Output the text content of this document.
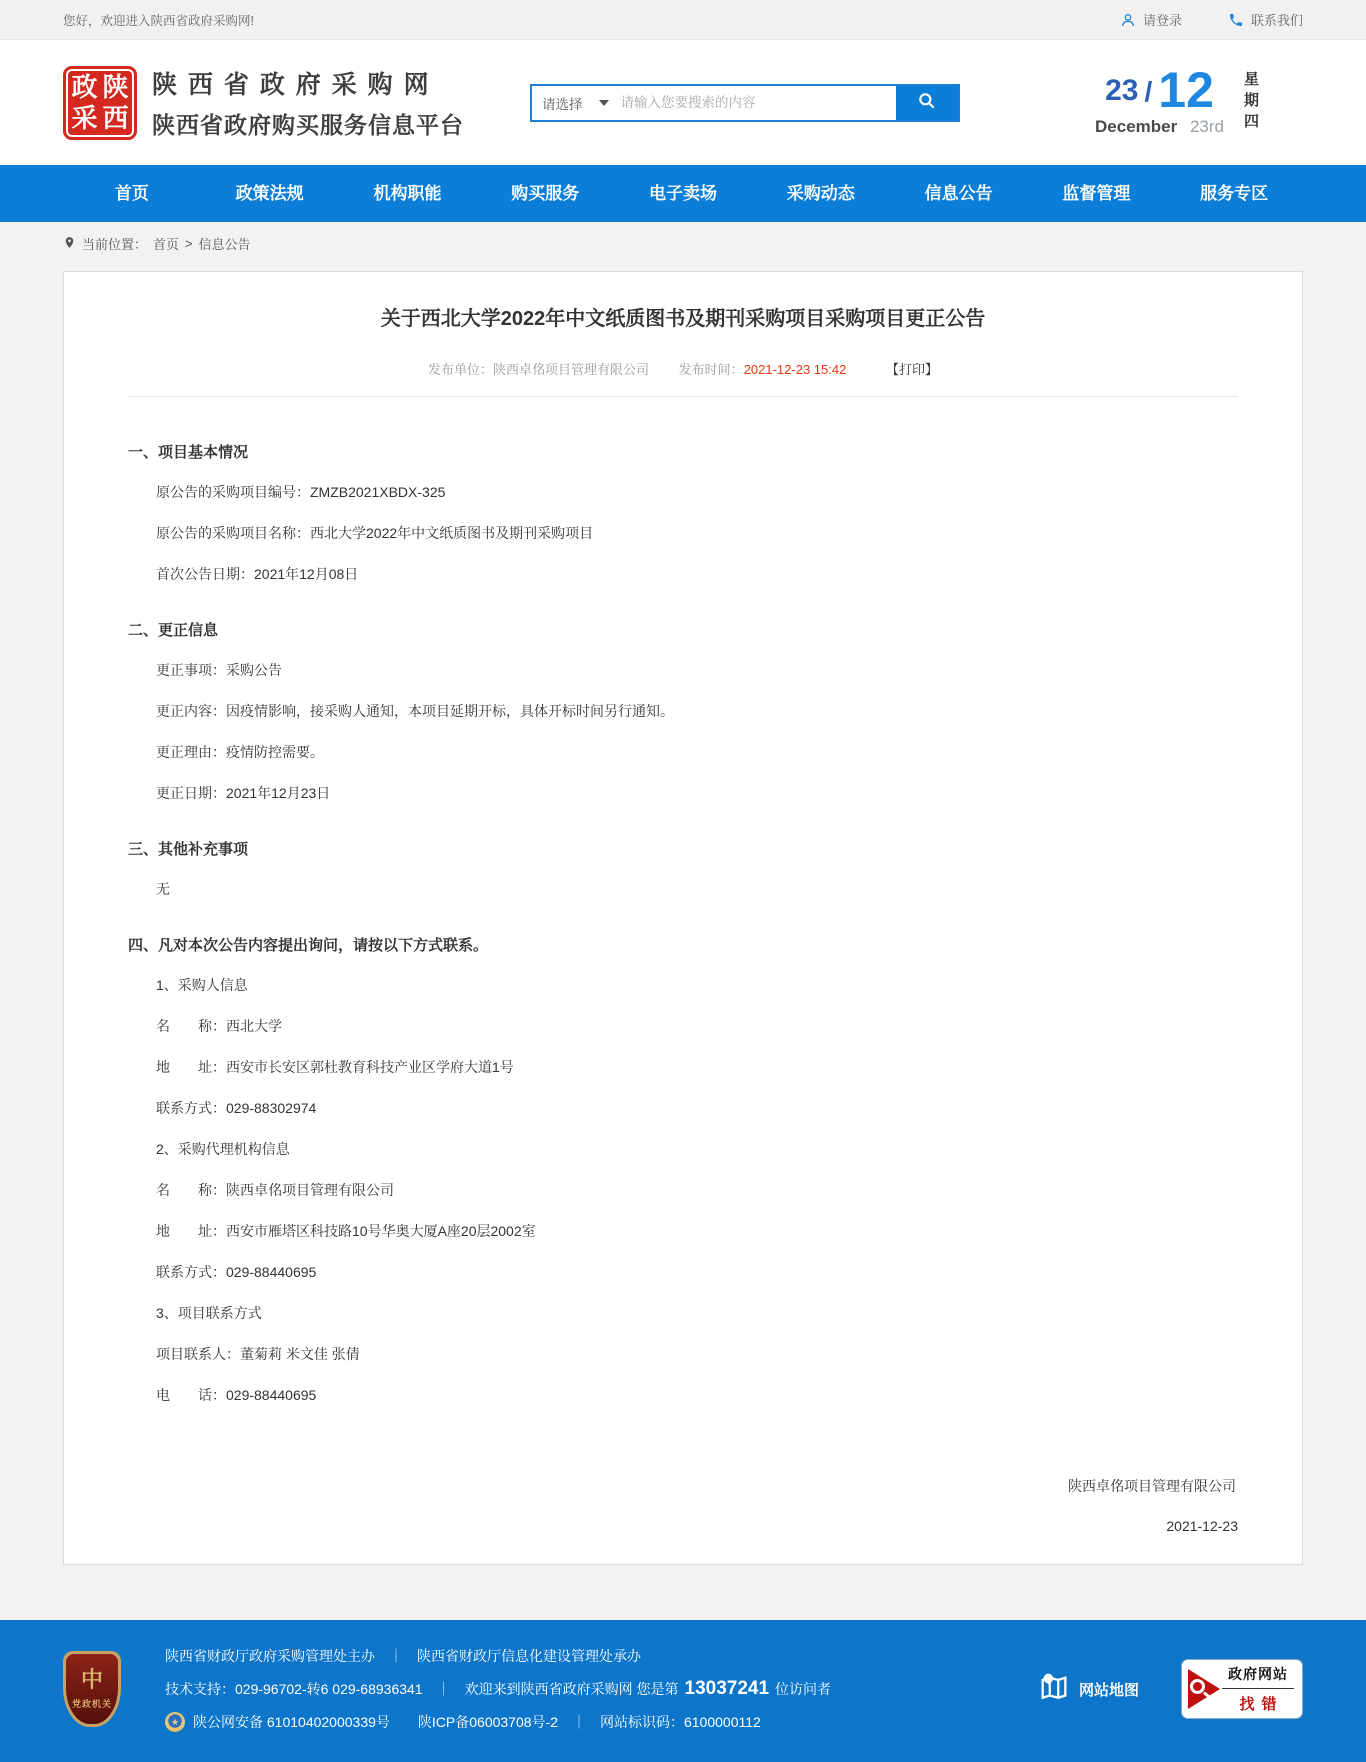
您好，欢迎进入陕西省政府采购网!	请登录	联系我们
政 陕
采 西
陕 西 省 政 府 采 购 网
陕西省政府购买服务信息平台
请选择
请输入您要搜索的内容	23 / 12
December 23rd 星期四
首页	政策法规	机构职能	购买服务	电子卖场	采购动态	信息公告	监督管理	服务专区
当前位置： 首页 > 信息公告
关于西北大学2022年中文纸质图书及期刊采购项目采购项目更正公告
发布单位：陕西卓佲项目管理有限公司 发布时间：2021-12-23 15:42	【打印】
一、项目基本情况

原公告的采购项目编号：ZMZB2021XBDX-325

原公告的采购项目名称：西北大学2022年中文纸质图书及期刊采购项目

首次公告日期：2021年12月08日

二、更正信息

更正事项：采购公告

更正内容：因疫情影响，接采购人通知，本项目延期开标，具体开标时间另行通知。

更正理由：疫情防控需要。

更正日期：2021年12月23日

三、其他补充事项

无

四、凡对本次公告内容提出询问，请按以下方式联系。

1、采购人信息

名　　称：西北大学

地　　址：西安市长安区郭杜教育科技产业区学府大道1号

联系方式：029-88302974

2、采购代理机构信息

名　　称：陕西卓佲项目管理有限公司

地　　址：西安市雁塔区科技路10号华奥大厦A座20层2002室

联系方式：029-88440695

3、项目联系方式

项目联系人：董菊莉 米文佳 张倩

电　　话：029-88440695

陕西卓佲项目管理有限公司
2021-12-23
中
党政机关
陕西省财政厅政府采购管理处主办 ｜ 陕西省财政厅信息化建设管理处承办
技术支持：029-96702-转6 029-68936341 ｜ 欢迎来到陕西省政府采购网 您是第 13037241 位访问者
★ 陕公网安备 61010402000339号 陕ICP备06003708号-2 ｜ 网站标识码：6100000112
网站地图
政府网站
找错
